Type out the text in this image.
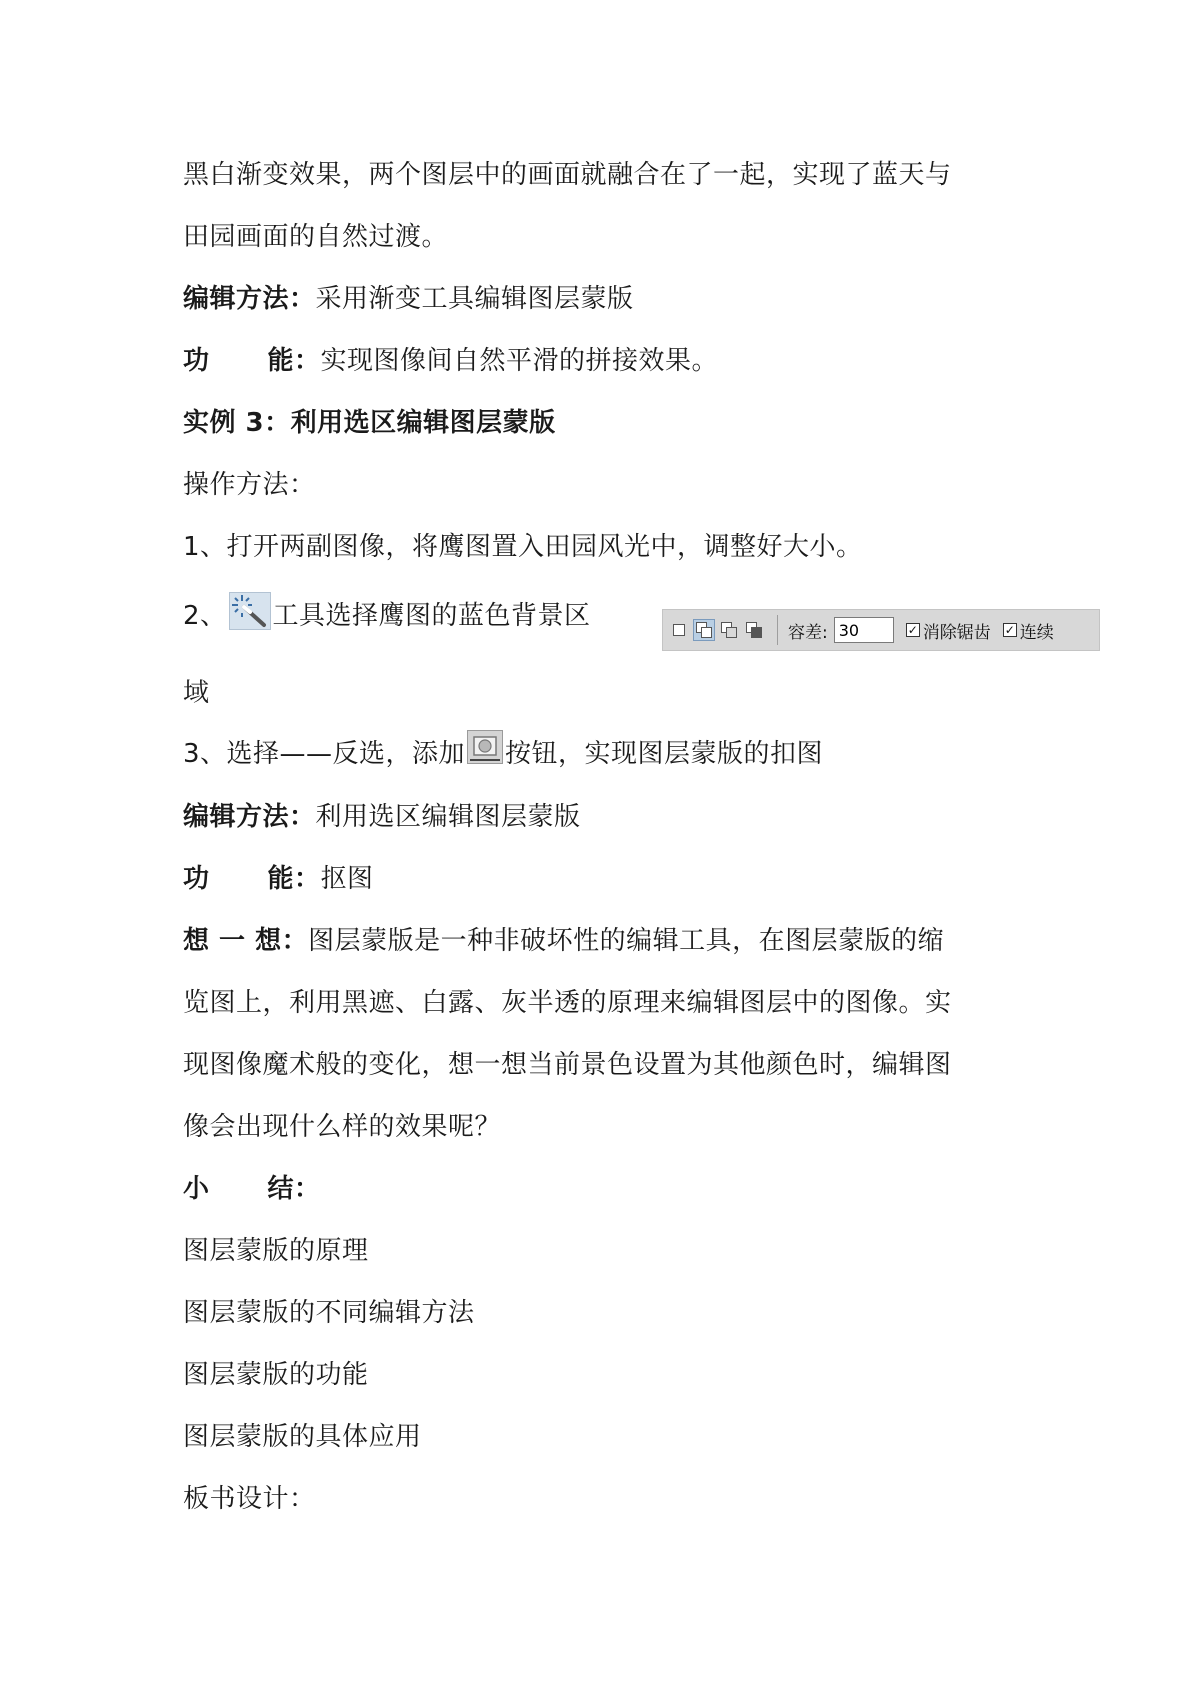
黑白渐变效果，两个图层中的画面就融合在了一起，实现了蓝天与
田园画面的自然过渡。
编辑方法：采用渐变工具编辑图层蒙版
功 能：实现图像间自然平滑的拼接效果。
实例 3：利用选区编辑图层蒙版
操作方法：
1、打开两副图像，将鹰图置入田园风光中，调整好大小。
2、 工具选择鹰图的蓝色背景区
容差:
30	✓ 消除锯齿 ✓ 连续
域
3、选择——反选，添加 按钮，实现图层蒙版的扣图
编辑方法：利用选区编辑图层蒙版
功 能：抠图
想 一 想：图层蒙版是一种非破坏性的编辑工具，在图层蒙版的缩
览图上，利用黑遮、白露、灰半透的原理来编辑图层中的图像。实
现图像魔术般的变化，想一想当前景色设置为其他颜色时，编辑图
像会出现什么样的效果呢？
小 结：
图层蒙版的原理
图层蒙版的不同编辑方法
图层蒙版的功能
图层蒙版的具体应用
板书设计：
